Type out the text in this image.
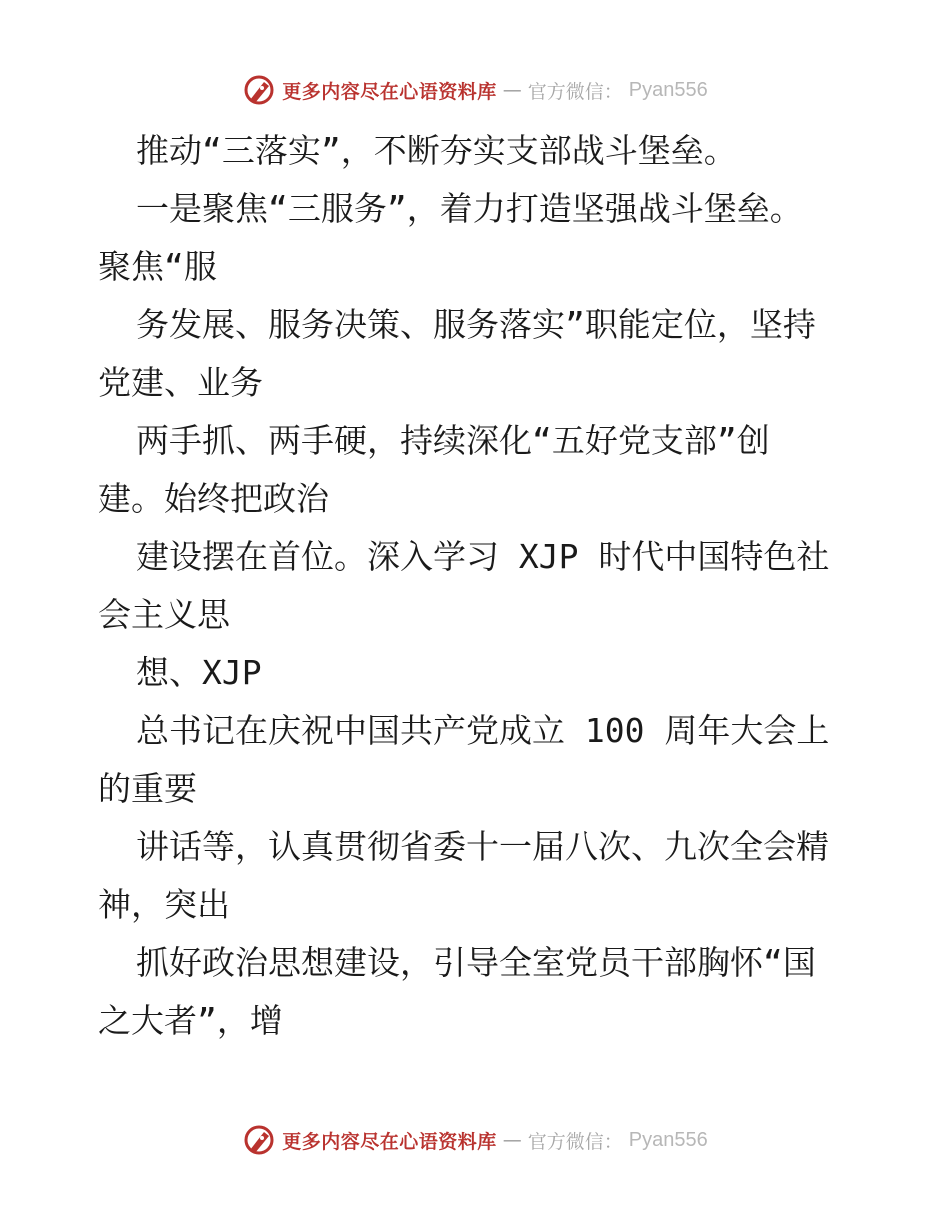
更多内容尽在心语资料库 — 官方微信： Pyan556
推动“三落实”，不断夯实支部战斗堡垒。
一是聚焦“三服务”，着力打造坚强战斗堡垒。
聚焦“服
务发展、服务决策、服务落实”职能定位，坚持
党建、业务
两手抓、两手硬，持续深化“五好党支部”创
建。始终把政治
建设摆在首位。深入学习 XJP 时代中国特色社
会主义思
想、XJP
总书记在庆祝中国共产党成立 100 周年大会上
的重要
讲话等，认真贯彻省委十一届八次、九次全会精
神，突出
抓好政治思想建设，引导全室党员干部胸怀“国
之大者”，增
更多内容尽在心语资料库 — 官方微信： Pyan556
